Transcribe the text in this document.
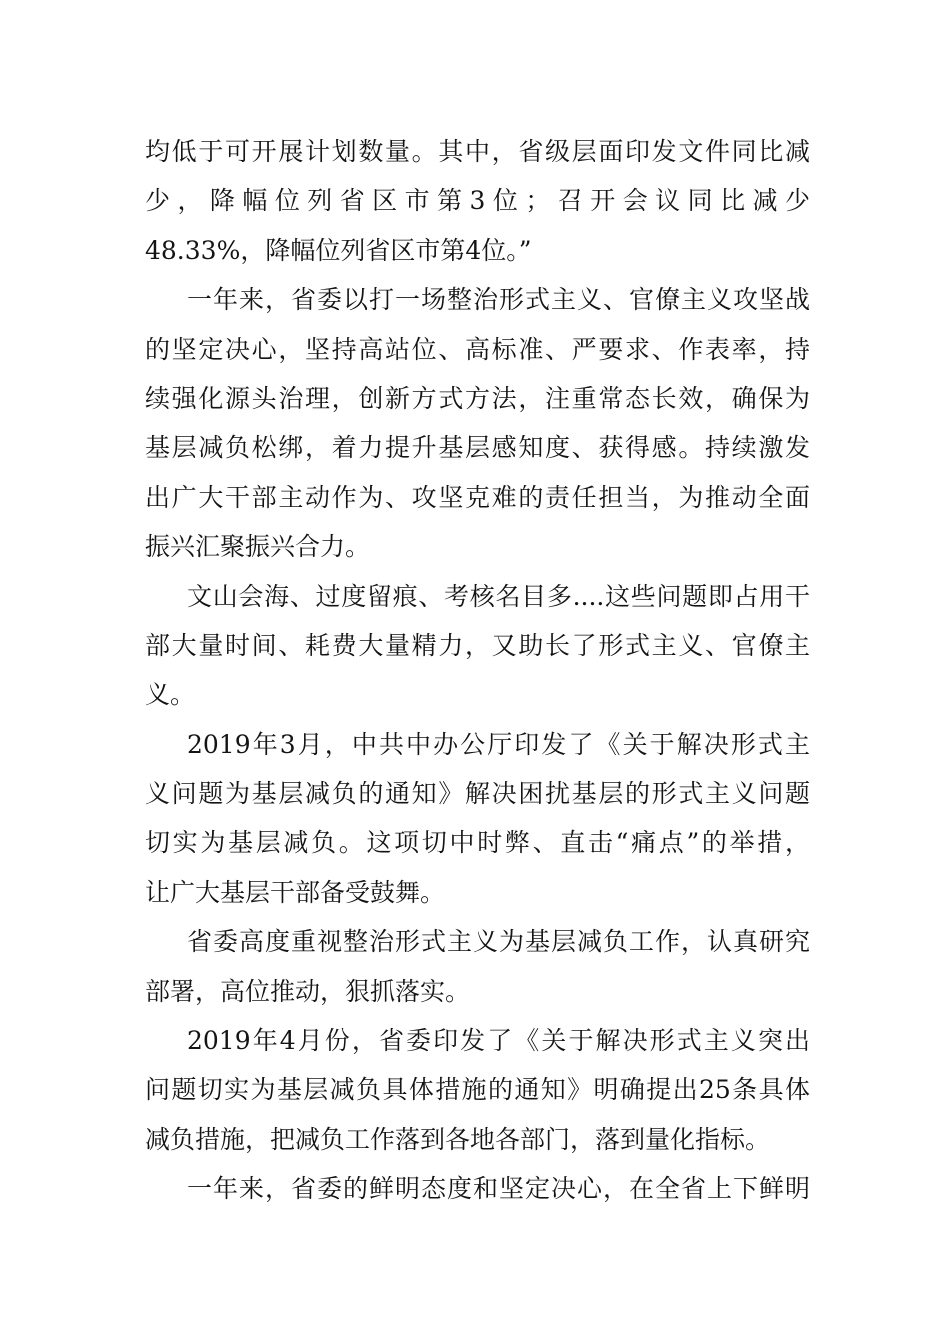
均低于可开展计划数量。其中，省级层面印发文件同比减
少，降幅位列省区市第3位；召开会议同比减少
48.33%，降幅位列省区市第4位。”
一年来，省委以打一场整治形式主义、官僚主义攻坚战
的坚定决心，坚持高站位、高标准、严要求、作表率，持
续强化源头治理，创新方式方法，注重常态长效，确保为
基层减负松绑，着力提升基层感知度、获得感。持续激发
出广大干部主动作为、攻坚克难的责任担当，为推动全面
振兴汇聚振兴合力。
文山会海、过度留痕、考核名目多....这些问题即占用干
部大量时间、耗费大量精力，又助长了形式主义、官僚主
义。
2019年3月，中共中办公厅印发了《关于解决形式主
义问题为基层减负的通知》解决困扰基层的形式主义问题
切实为基层减负。这项切中时弊、直击“痛点”的举措，
让广大基层干部备受鼓舞。
省委高度重视整治形式主义为基层减负工作，认真研究
部署，高位推动，狠抓落实。
2019年4月份，省委印发了《关于解决形式主义突出
问题切实为基层减负具体措施的通知》明确提出25条具体
减负措施，把减负工作落到各地各部门，落到量化指标。
一年来，省委的鲜明态度和坚定决心，在全省上下鲜明
